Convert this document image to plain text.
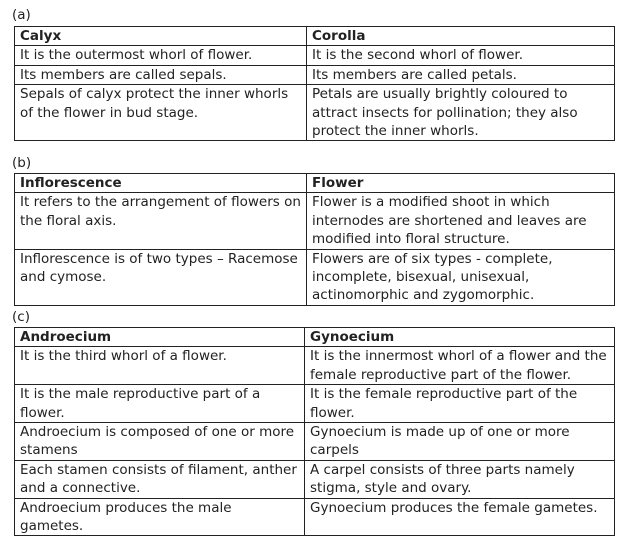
(a)
Calyx	Corolla
It is the outermost whorl of flower.	It is the second whorl of flower.
Its members are called sepals.	Its members are called petals.
Sepals of calyx protect the inner whorls of the flower in bud stage.	Petals are usually brightly coloured to attract insects for pollination; they also protect the inner whorls.
(b)
Inflorescence	Flower
It refers to the arrangement of flowers on the floral axis.	Flower is a modified shoot in which internodes are shortened and leaves are modified into floral structure.
Inflorescence is of two types – Racemose and cymose.	Flowers are of six types - complete, incomplete, bisexual, unisexual, actinomorphic and zygomorphic.
(c)
Androecium	Gynoecium
It is the third whorl of a flower.	It is the innermost whorl of a flower and the female reproductive part of the flower.
It is the male reproductive part of a flower.	It is the female reproductive part of the flower.
Androecium is composed of one or more stamens	Gynoecium is made up of one or more carpels
Each stamen consists of filament, anther and a connective.	A carpel consists of three parts namely stigma, style and ovary.
Androecium produces the male gametes.	Gynoecium produces the female gametes.
